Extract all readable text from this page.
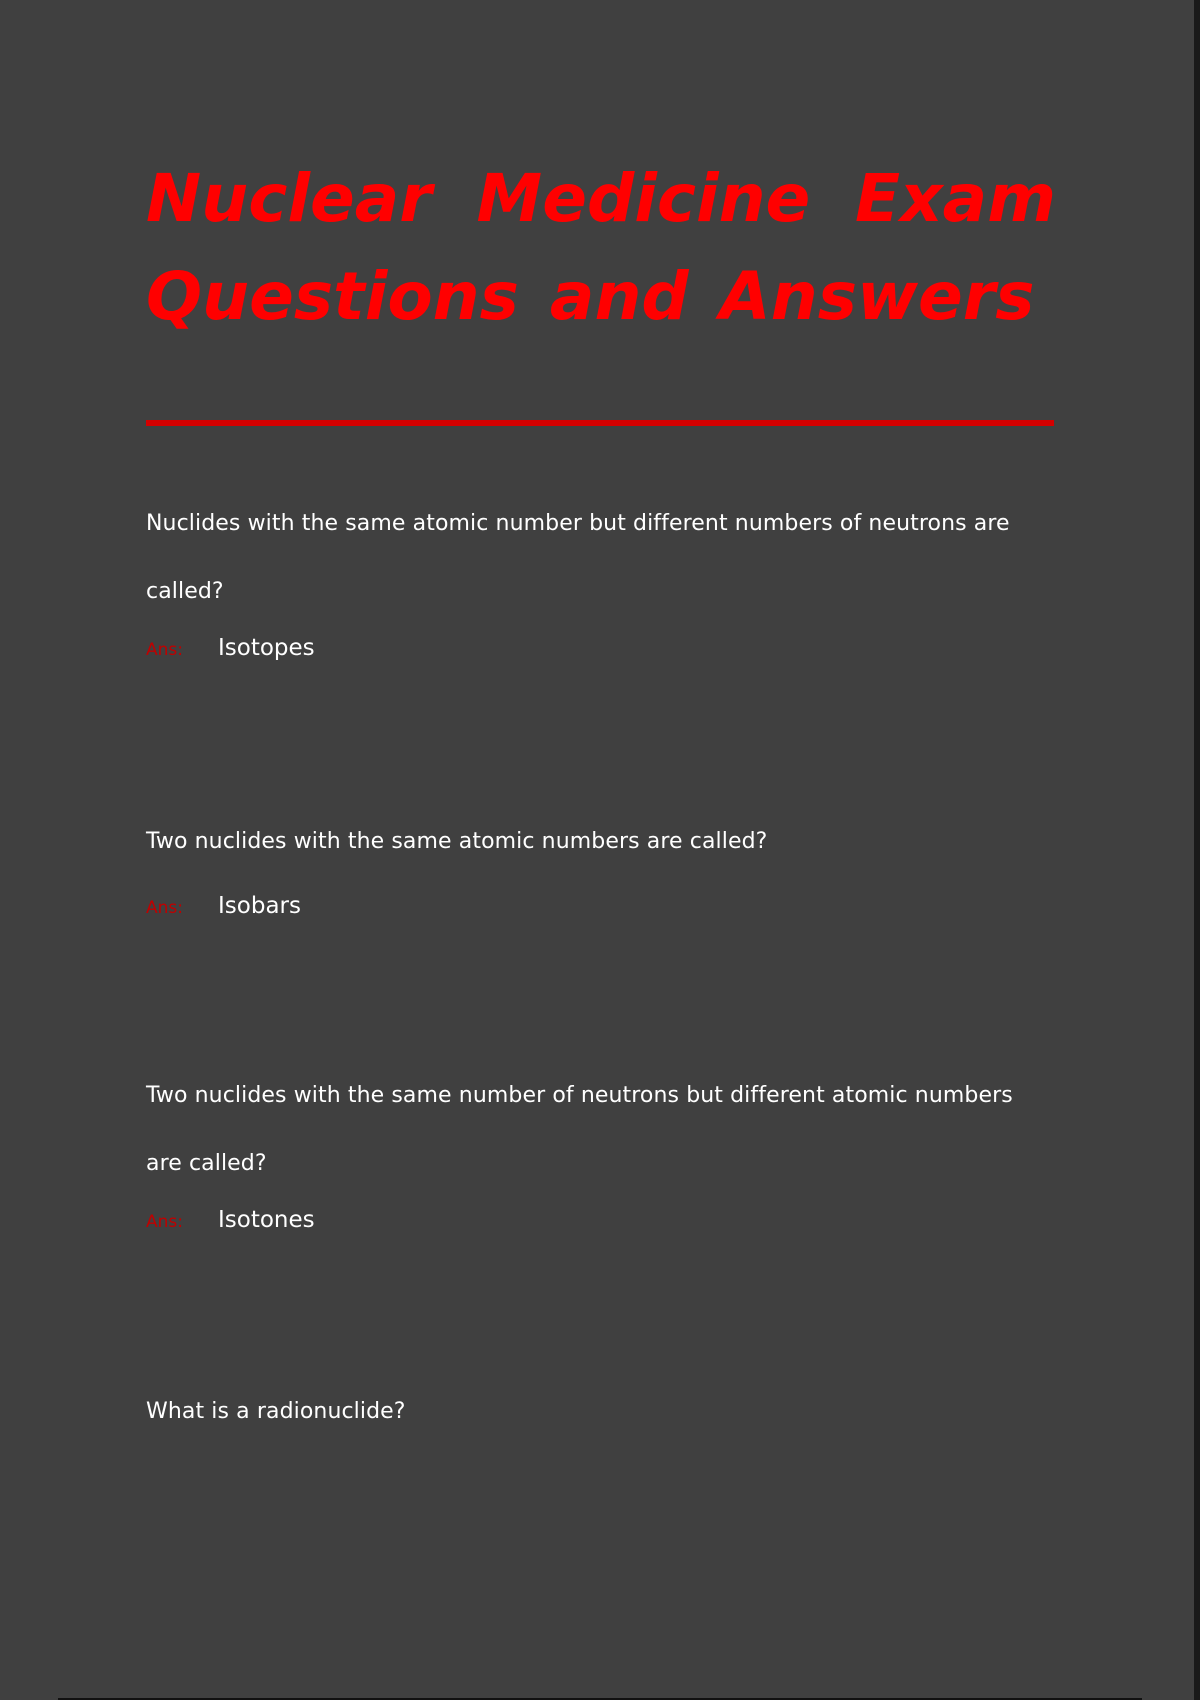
Nuclear Medicine Exam
Questions and Answers

Nuclides with the same atomic number but different numbers of neutrons are called?

Ans:	Isotopes

Two nuclides with the same atomic numbers are called?

Ans:	Isobars

Two nuclides with the same number of neutrons but different atomic numbers are called?

Ans:	Isotones

What is a radionuclide?
